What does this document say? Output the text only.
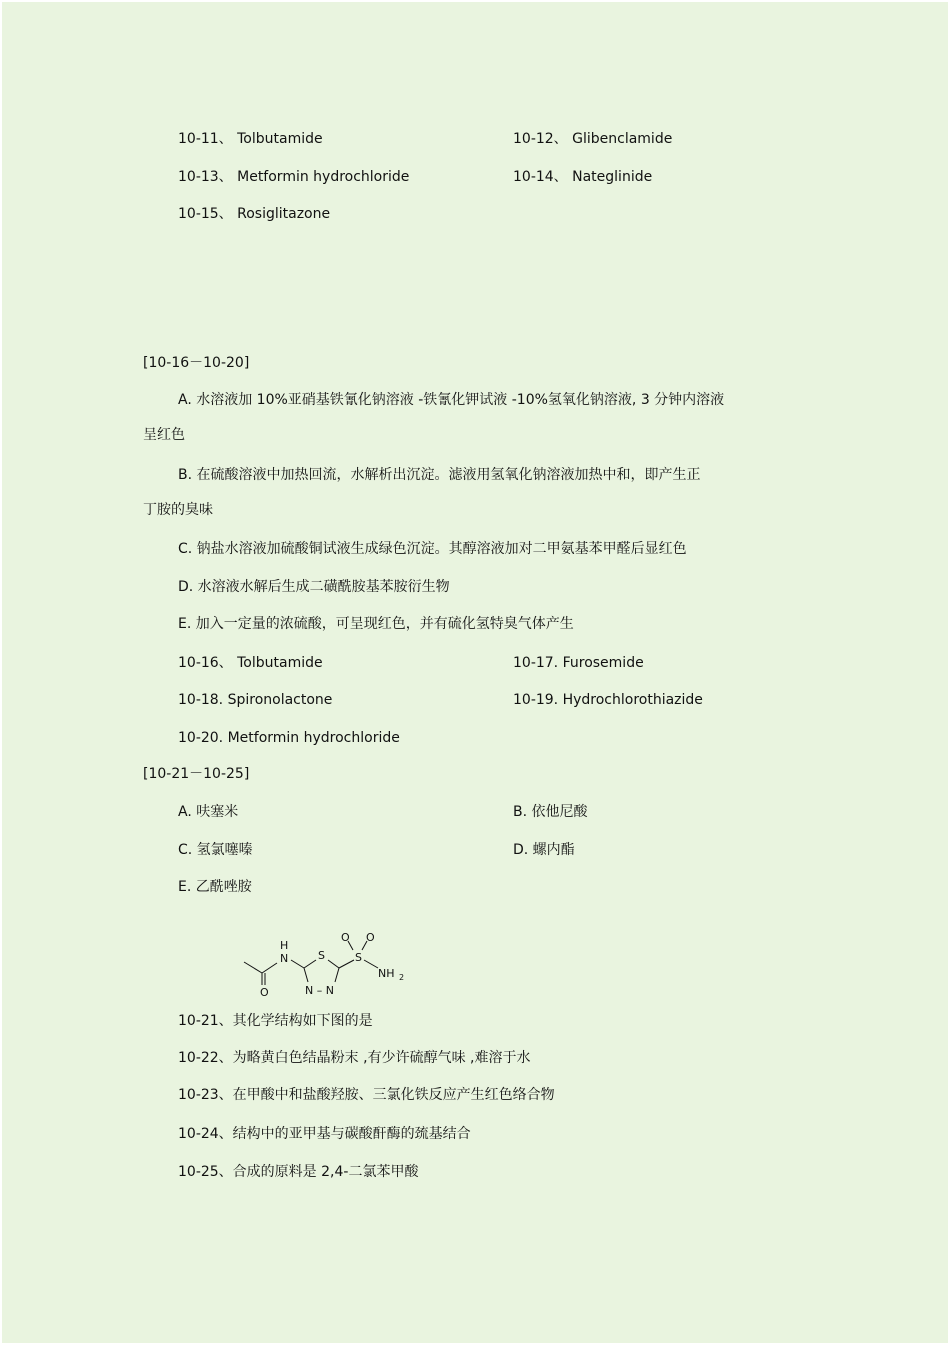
10-11、 Tolbutamide	10-12、 Glibenclamide
10-13、 Metformin hydrochloride	10-14、 Nateglinide
10-15、 Rosiglitazone
[10-16－10-20]
A. 水溶液加 10%亚硝基铁氰化钠溶液 -铁氰化钾试液 -10%氢氧化钠溶液, 3 分钟内溶液
呈红色
B. 在硫酸溶液中加热回流，水解析出沉淀。滤液用氢氧化钠溶液加热中和，即产生正
丁胺的臭味
C. 钠盐水溶液加硫酸铜试液生成绿色沉淀。其醇溶液加对二甲氨基苯甲醛后显红色
D. 水溶液水解后生成二磺酰胺基苯胺衍生物
E. 加入一定量的浓硫酸，可呈现红色，并有硫化氢特臭气体产生
10-16、 Tolbutamide	10-17. Furosemide
10-18. Spironolactone	10-19. Hydrochlorothiazide
10-20. Metformin hydrochloride
[10-21－10-25]
A. 呋塞米	B. 依他尼酸
C. 氢氯噻嗪	D. 螺内酯
E. 乙酰唑胺
H
N
O
S
N – N
S
O O
NH 2
10-21、其化学结构如下图的是
10-22、为略黄白色结晶粉末 ,有少许硫醇气味 ,难溶于水
10-23、在甲酸中和盐酸羟胺、三氯化铁反应产生红色络合物
10-24、结构中的亚甲基与碳酸酐酶的巯基结合
10-25、合成的原料是 2,4-二氯苯甲酸
